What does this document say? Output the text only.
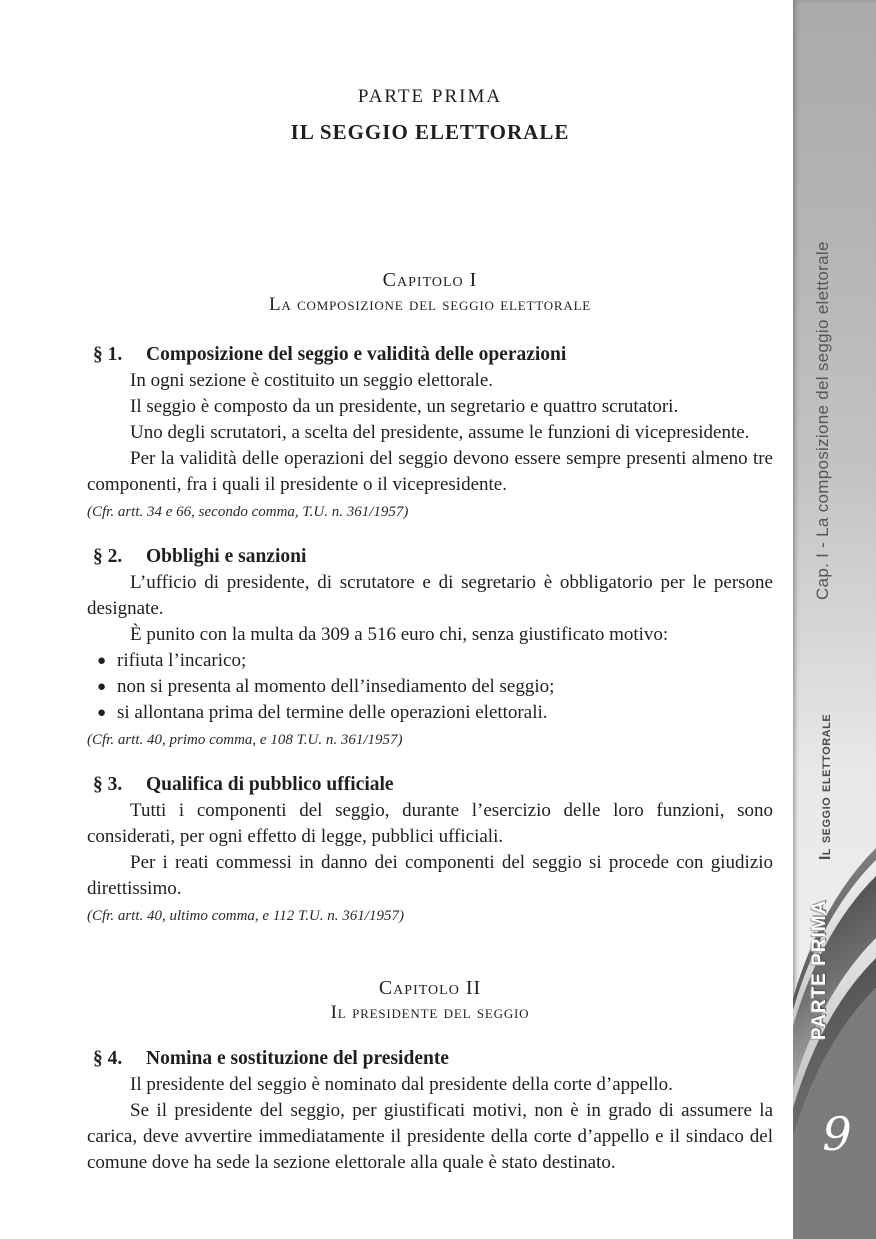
PARTE PRIMA
IL SEGGIO ELETTORALE
Capitolo I
La composizione del seggio elettorale
§ 1.	Composizione del seggio e validità delle operazioni

In ogni sezione è costituito un seggio elettorale.

Il seggio è composto da un presidente, un segretario e quattro scrutatori.

Uno degli scrutatori, a scelta del presidente, assume le funzioni di vicepresidente.

Per la validità delle operazioni del seggio devono essere sempre presenti almeno tre componenti, fra i quali il presidente o il vicepresidente.

(Cfr. artt. 34 e 66, secondo comma, T.U. n. 361/1957)
§ 2.	Obblighi e sanzioni

L’ufficio di presidente, di scrutatore e di segretario è obbligatorio per le persone designate.

È punito con la multa da 309 a 516 euro chi, senza giustificato motivo:

● rifiuta l’incarico;
● non si presenta al momento dell’insediamento del seggio;
● si allontana prima del termine delle operazioni elettorali.
(Cfr. artt. 40, primo comma, e 108 T.U. n. 361/1957)
§ 3.	Qualifica di pubblico ufficiale

Tutti i componenti del seggio, durante l’esercizio delle loro funzioni, sono considerati, per ogni effetto di legge, pubblici ufficiali.

Per i reati commessi in danno dei componenti del seggio si procede con giudizio direttissimo.

(Cfr. artt. 40, ultimo comma, e 112 T.U. n. 361/1957)
Capitolo II
Il presidente del seggio
§ 4.	Nomina e sostituzione del presidente

Il presidente del seggio è nominato dal presidente della corte d’appello.

Se il presidente del seggio, per giustificati motivi, non è in grado di assumere la carica, deve avvertire immediatamente il presidente della corte d’appello e il sindaco del comune dove ha sede la sezione elettorale alla quale è stato destinato.

Cap. I - La composizione del seggio elettorale
Il seggio elettorale
PARTE PRIMA
9
